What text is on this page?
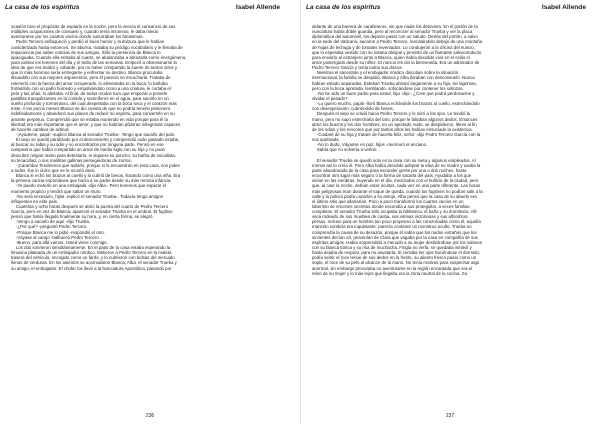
La casa de los espíritus	Isabel Allende
ocasión tuvo el propósito de espiarla en la noche, pero la vencía el cansancio de sus
múltiples ocupaciones de consuelo y, cuando tenía insomnio, le daba miedo
aventurarse por los cuartos vacíos donde susurraban los fantasmas.
Pedro Tercero enflaqueció y perdió el buen humor y la dulzura que le habían
caracterizado hasta entonces. Se aburría, mataba su pródigo vocabulario y le llenaba de
impaciencia por saber noticias de sus amigos. Sólo la presencia de Blanca lo
apaciguaba. Cuando ella entraba al cuarto, se abalanzaba a abrazarla como energúmeno,
para calmar los temores del día y el tedio de las semanas. Empezó a obsesionarse la
idea de que era traidor y cobarde, por no haber compartido la suerte de tantos otros y
que lo más honroso sería entregarse y enfrentar su destino. Blanca procuraba
disuadirlo con sus mejores argumentos, pero él parecía no escucharla. Trataba de
retenerlo con la fuerza del amor recuperado, lo alimentaba en la boca; lo bañaba
frotándolo con un paño húmedo y empolvándolo como a una criatura, le cortaba el
pelo y las uñas, lo afeitaba. Al final, de todos modos tuvo que empezar a ponerle
pastillas tranquilizantes en la comida y somníferos en el agua, para sumirlo en un
sueño profundo y tormentoso, del cual despertaba con la boca seca y el corazón más
triste. A los pocos meses Blanca se dio cuenta de que no podría tenerlo prisionero
indefinidamente y abandonó sus planes de reducir su espíritu, para convertirlo en su
amante perpetuo. Comprendió que se estaba muriendo en vida porque para él la
libertad era más importante que el amor, y que no habrían píldoras milagrosas capaces
de hacerle cambiar de actitud.
-¡Ayúdeme, papá! -suplicó Blanca al senador Trueba-. Tengo que sacarlo del país.
El viejo se quedó paralizado por el desconcierto y comprendió cuán gastado estaba,
al buscar su rabia y su odio y no encontrarlos por ninguna parte. Pensó en ese
campesino que había compartido un amor de medio siglo con su hija y no pudo
descubrir ningún rastro para detestarlo, ni siquiera su poncho, su barba de socialista,
su tenacidad, o sus malditas gallinas perseguidoras de zorros.
-¡Caramba! Tendremos que asilarlo, porque si lo encuentran en esta casa, nos joden
a todos -fue lo único que se le ocurrió decir.
Blanca le echó los brazos al cuello y lo cubrió de besos, llorando como una niña. Era
la primera caricia espontánea que hacía a su padre desde su más remota infancia.
-Yo puedo meterlo en una embajada -dijo Alba-. Pero tenemos que esperar el
momento propicio y tendrá que saltar un muro.
-No será necesario, hijita -replicó el senador Trueba-. Todavía tengo amigos
influyentes en este país.
Cuarenta y ocho horas después se abrió la puerta del cuarto de Pedro Tercero
García, pero en vez de Blanca, apareció el senador Trueba en el umbral. El fugitivo
pensó que había llegado finalmente su hora, y, en cierta forma, se alegró.
-Vengo a sacarlo de aquí -dijo Trueba.
-¿Por qué? -preguntó Pedro Tercero.
-Porque Blanca me lo pidió -respondió el otro.
-Váyase al carajo -balbuceó Pedro Tercero.
-Bueno, para allá vamos. Usted viene conmigo.
Los dos sonrieron simultáneamente. En el patio de la casa estaba esperando la
limusina plateada de un embajador nórdico. Metieron a Pedro Tercero en la maleta
trasera del vehículo, encogido como un fardo, y lo cubrieron con bolsas del mercado
llenas de verduras. En los asientos se acomodaron Blanca, Alba, el senador Trueba y
su amigo, el embajador. El chofer los llevó a la Nunciatura Apostólica, pasando por
236
La casa de los espíritus	Isabel Allende
delante de una barrera de carabineros, sin que nadie los detuviera. En el portón de la
nunciatura había doble guardia, pero al reconocer al senador Trueba y ver la placa
diplomática del automóvil, los dejaron pasar con un saludo. Detrás del portón, a salvo
en la sede del Vaticano, sacaron a Pedro Tercero, rescatándolo debajo de una montaña
de hojas de lechuga y de tomates reventados. Lo condujeron a la oficina del nuncio,
que lo esperaba vestido con su sotana obispal y provisto de un flamante salvoconducto
para enviarlo al extranjero junto a Blanca, quien había decidido vivir en el exilio el
amor postergado desde su niñez. El nuncio les dio la bienvenida. Era un admirador de
Pedro Tercero García y tenía todos sus discos.
Mientras el sacerdote y el embajador nórdico discutían sobre la situación
internacional, la familia se despidió. Blanca y Alba lloraban con desconsuelo. Nunca
habían estado separadas. Esteban Trueba abrazó largamente a su hija, sin lágrimas,
pero con la boca apretada, temblando, sofocándose por contener los sollozos.
-No he sido un buen padre para usted, hija -dijo-. ¿Cree que podrá perdonarme y
olvidar el pasado?
-Lo quiero mucho, papá! -lloró Blanca echándole los brazos al cuello, estrechándolo
con desesperación, cubriéndolo de besos.
Después el viejo se volvió hacia Pedro Tercero y lo miró a los ojos. Le tendió la
mano, pero no supo estrecharla del otro, porque le faltaban algunos dedos. Entonces
abrió los brazos y los dos hombres, en un apretado nudo, se despidieron, libres al fin
de los odios y los rencores que por tantos años les habían ensuciado la existencia.
-Cuidaré de su hija y trataré de hacerla feliz, señor -dijo Pedro Tercero García con la
voz quebrada.
-No lo dudo. Váyanse en paz, hijos -murmuró el anciano.
Sabía que no volvería a verlos.
El senador Trueba se quedó solo en la casa con su nieta y algunos empleados. Al
menos así lo creía él. Pero Alba había decidido adoptar la idea de su madre y usaba la
parte abandonada de la casa para esconder gente por una o dos noches, hasta
encontrar otro lugar más seguro o la forma de sacarla del país. Ayudaba a los que
vivían en las sombras, huyendo en el día, mezclados con el bullicio de la ciudad, pero
que, al caer la noche, debían estar ocultos, cada vez en una parte diferente. Las horas
más peligrosas eran durante el toque de queda, cuando los fugitivos no podían salir a la
calle y la policía podía cazarlos a su antojo. Alba pensó que la casa de su abuelo era
el último sitio que allanarían. Poco a poco transformó los cuartos vacíos en un
laberinto de rincones secretos donde escondía a sus protegidos, a veces familias
completas. El senador Trueba sólo ocupaba la biblioteca, el baño y su dormitorio. Allí
vivía rodeado de sus muebles de caoba, sus vitrinas victorianas y sus alfombras
persas. Incluso para un hombre tan poco propenso a las corazonadas como él, aquella
mansión sombría era inquietante: parecía contener un monstruo oculto. Trueba no
comprendía la causa de su desazón, porque él sabía que los ruidos extraños que los
sirvientes decían oír, provenían de Clara que vagaba por la casa en compañía de sus
espíritus amigos. Había sorprendido a menudo a su mujer deslizándose por los salones
con su blanca túnica y su risa de muchacha. Fingía no verla, se quedaba inmóvil y
hasta dejaba de respirar, para no asustarla. Si cerraba los ojos haciéndose el dormido,
podía sentir el roce tenue de sus dedos en la frente, su aliento fresco pasar como un
soplo, el roce de su pelo al alcance de la mano. No tenía motivos para sospechar algo
anormal, sin embargo procuraba no aventurarse en la región encantada que era el
reino de su mujer y lo más lejos que llegaba era la zona neutral de la cocina. Su
237
